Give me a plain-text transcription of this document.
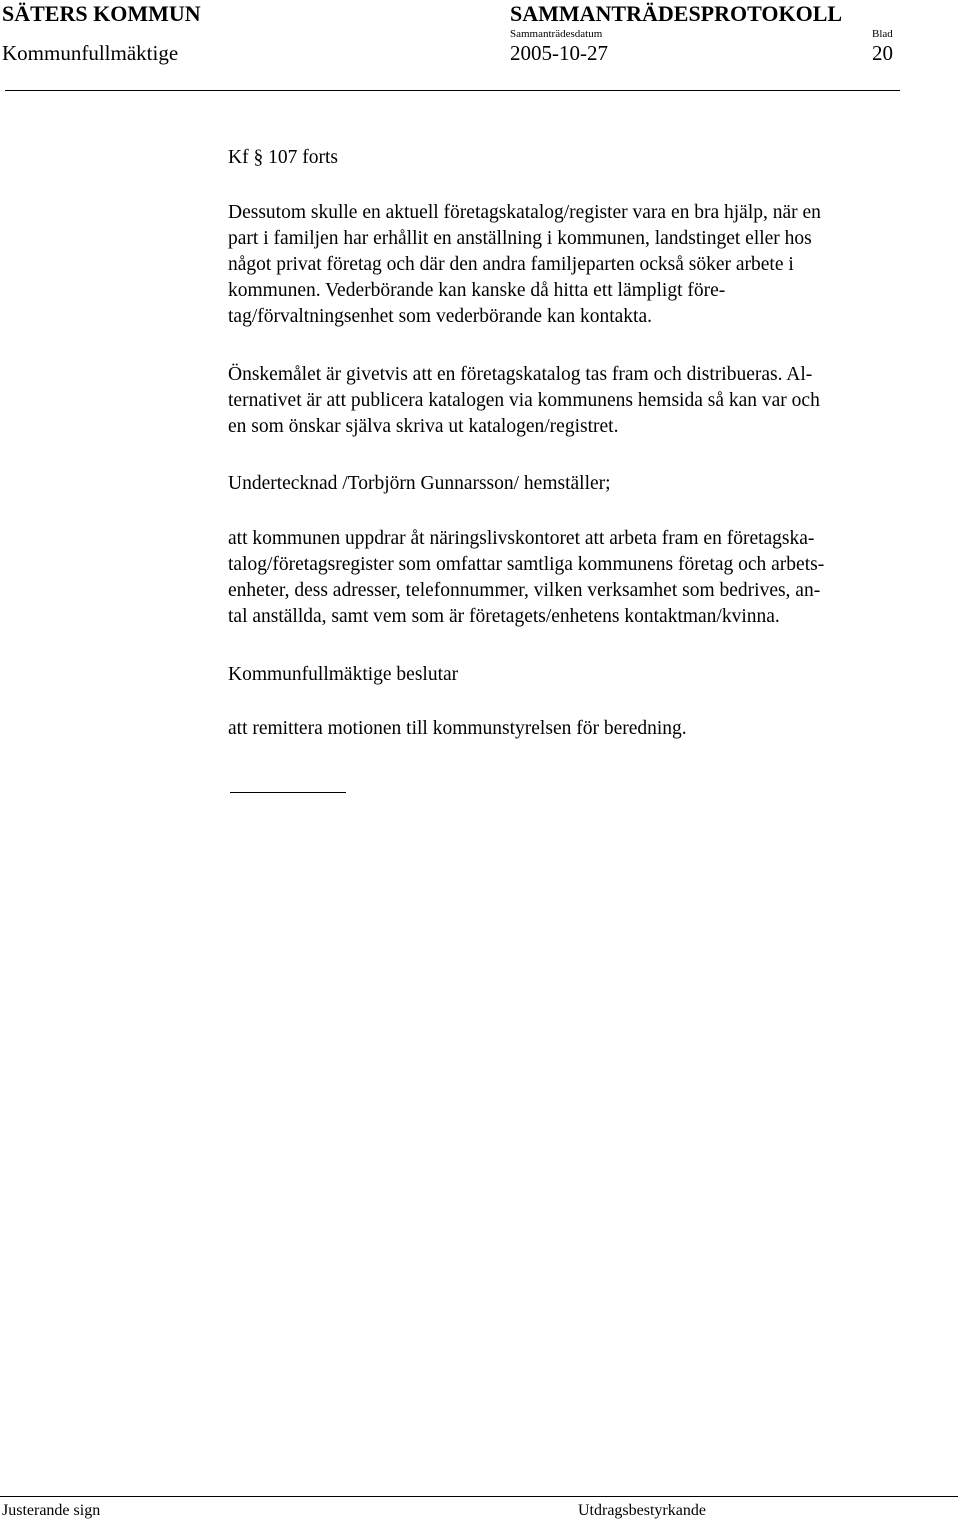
SÄTERS KOMMUN	SAMMANTRÄDESPROTOKOLL
Sammanträdesdatum	Blad
Kommunfullmäktige	2005-10-27	20
Kf § 107 forts
Dessutom skulle en aktuell företagskatalog/register vara en bra hjälp, när en
part i familjen har erhållit en anställning i kommunen, landstinget eller hos
något privat företag och där den andra familjeparten också söker arbete i
kommunen. Vederbörande kan kanske då hitta ett lämpligt före-
tag/förvaltningsenhet som vederbörande kan kontakta.
Önskemålet är givetvis att en företagskatalog tas fram och distribueras. Al-
ternativet är att publicera katalogen via kommunens hemsida så kan var och
en som önskar själva skriva ut katalogen/registret.
Undertecknad /Torbjörn Gunnarsson/ hemställer;
att kommunen uppdrar åt näringslivskontoret att arbeta fram en företagska-
talog/företagsregister som omfattar samtliga kommunens företag och arbets-
enheter, dess adresser, telefonnummer, vilken verksamhet som bedrives, an-
tal anställda, samt vem som är företagets/enhetens kontaktman/kvinna.
Kommunfullmäktige beslutar
att remittera motionen till kommunstyrelsen för beredning.
Justerande sign	Utdragsbestyrkande
